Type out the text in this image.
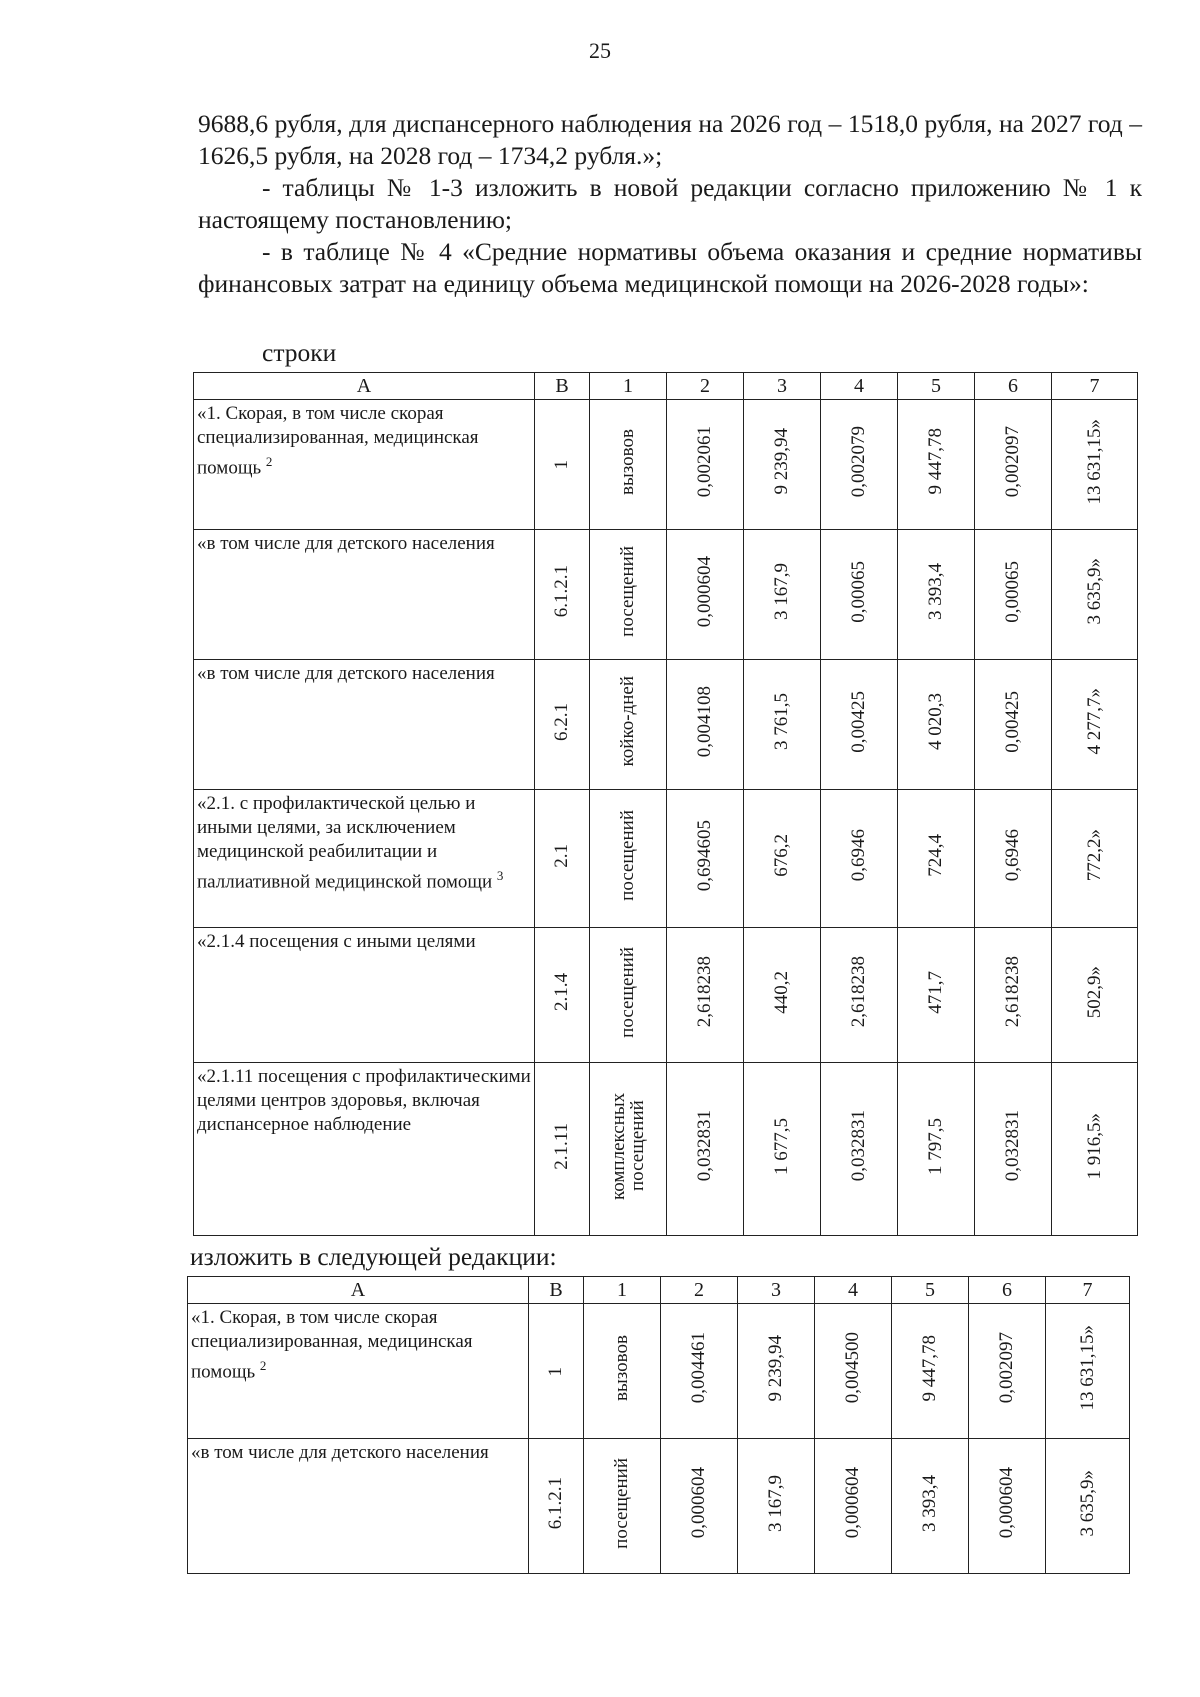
25

9688,6 рубля, для диспансерного наблюдения на 2026 год – 1518,0 рубля, на 2027 год – 1626,5 рубля, на 2028 год – 1734,2 рубля.»;

- таблицы № 1-3 изложить в новой редакции согласно приложению № 1 к настоящему постановлению;

- в таблице № 4 «Средние нормативы объема оказания и средние нормативы финансовых затрат на единицу объема медицинской помощи на 2026-2028 годы»:

строки
А	В	1	2	3	4	5	6	7
«1. Скорая, в том числе скорая специализированная, медицинская помощь $^2$	1	вызовов	0,002061	9 239,94	0,002079	9 447,78	0,002097	13 631,15»
«в том числе для детского населения	6.1.2.1	посещений	0,000604	3 167,9	0,00065	3 393,4	0,00065	3 635,9»
«в том числе для детского населения	6.2.1	койко-дней	0,004108	3 761,5	0,00425	4 020,3	0,00425	4 277,7»
«2.1. с профилактической целью и иными целями, за исключением медицинской реабилитации и паллиативной медицинской помощи $^3$	2.1	посещений	0,694605	676,2	0,6946	724,4	0,6946	772,2»
«2.1.4 посещения с иными целями	2.1.4	посещений	2,618238	440,2	2,618238	471,7	2,618238	502,9»
«2.1.11 посещения с профилактическими целями центров здоровья, включая диспансерное наблюдение	2.1.11	комплексных посещений	0,032831	1 677,5	0,032831	1 797,5	0,032831	1 916,5»
изложить в следующей редакции:
А	В	1	2	3	4	5	6	7
«1. Скорая, в том числе скорая специализированная, медицинская помощь $^2$	1	вызовов	0,004461	9 239,94	0,004500	9 447,78	0,002097	13 631,15»
«в том числе для детского населения	6.1.2.1	посещений	0,000604	3 167,9	0,000604	3 393,4	0,000604	3 635,9»
